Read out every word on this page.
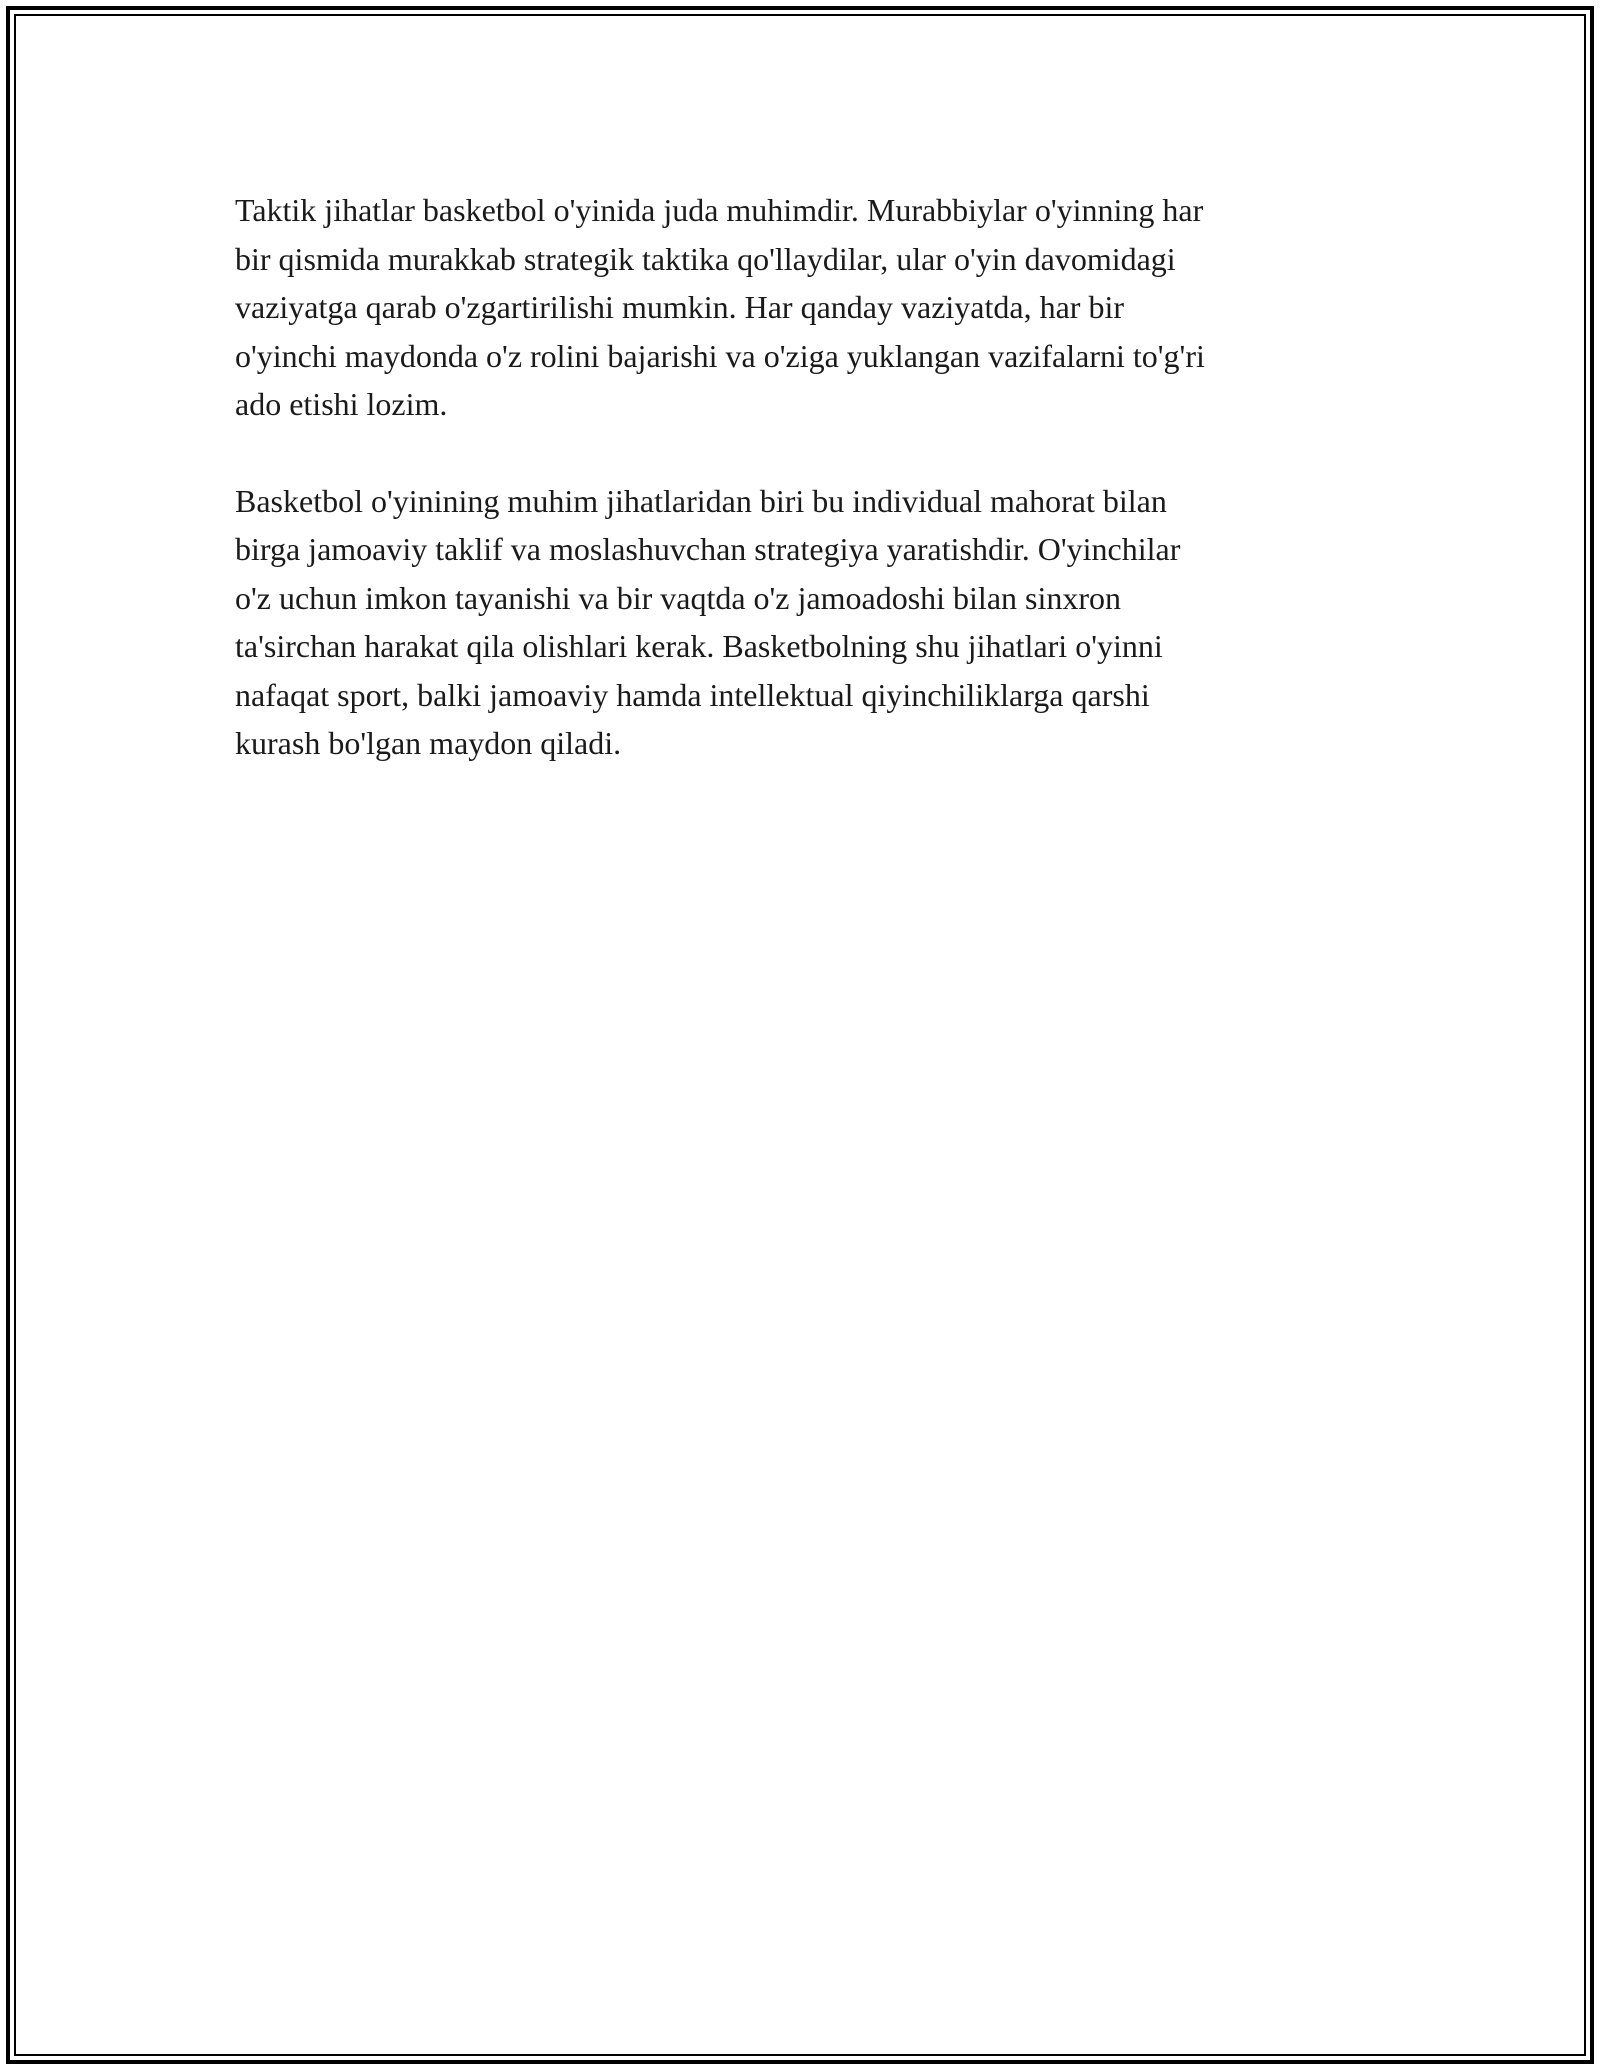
Taktik jihatlar basketbol o'yinida juda muhimdir. Murabbiylar o'yinning har
bir qismida murakkab strategik taktika qo'llaydilar, ular o'yin davomidagi
vaziyatga qarab o'zgartirilishi mumkin. Har qanday vaziyatda, har bir
o'yinchi maydonda o'z rolini bajarishi va o'ziga yuklangan vazifalarni to'g'ri
ado etishi lozim.

Basketbol o'yinining muhim jihatlaridan biri bu individual mahorat bilan
birga jamoaviy taklif va moslashuvchan strategiya yaratishdir. O'yinchilar
o'z uchun imkon tayanishi va bir vaqtda o'z jamoadoshi bilan sinxron
ta'sirchan harakat qila olishlari kerak. Basketbolning shu jihatlari o'yinni
nafaqat sport, balki jamoaviy hamda intellektual qiyinchiliklarga qarshi
kurash bo'lgan maydon qiladi.
